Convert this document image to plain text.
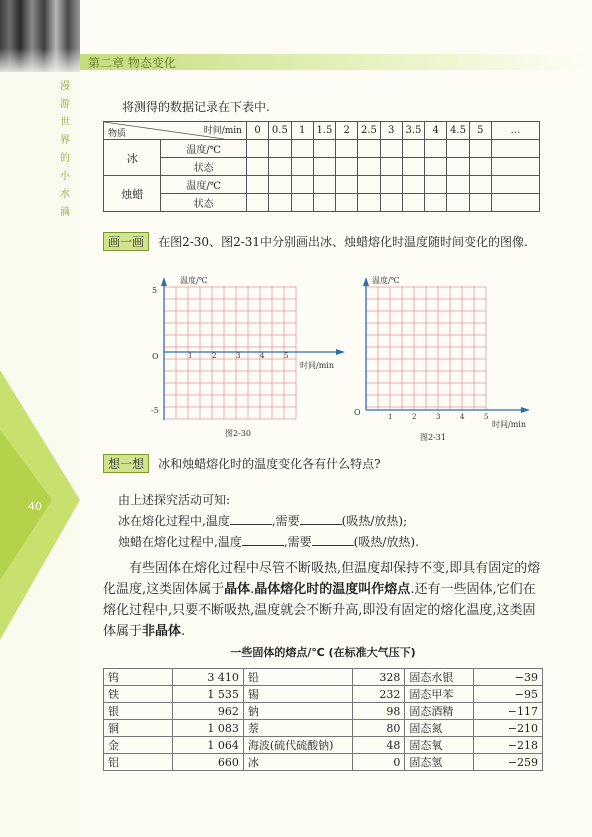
第二章 物态变化
漫
游
世
界
的
小
水
滴
40

将测得的数据记录在下表中.

时间/min
物质		0	0.5	1	1.5	2	2.5	3	3.5	4	4.5	5	…
冰	温度/℃												
	状态												
烛蜡	温度/℃												
	状态												
画一画 在图2-30、图2-31中分别画出冰、烛蜡熔化时温度随时间变化的图像.
温度/℃
时间/min
O
5
-5
1	2	3	4	5
图2-30
温度/℃
时间/min
O	1	2	3	4	5
图2-31
想一想 冰和烛蜡熔化时的温度变化各有什么特点?

由上述探究活动可知:

冰在熔化过程中,温度	,需要	(吸热/放热);

烛蜡在熔化过程中,温度	,需要	(吸热/放热).

有些固体在熔化过程中尽管不断吸热,但温度却保持不变,即具有固定的熔化温度,这类固体属于晶体.晶体熔化时的温度叫作熔点.还有一些固体,它们在熔化过程中,只要不断吸热,温度就会不断升高,即没有固定的熔化温度,这类固体属于非晶体.

一些固体的熔点/℃ (在标准大气压下)
钨	3 410	铅	328	固态水银	−39
铁	1 535	锡	232	固态甲苯	−95
银	962	钠	98	固态酒精	−117
铜	1 083	萘	80	固态氮	−210
金	1 064	海波(硫代硫酸钠)	48	固态氧	−218
铝	660	冰	0	固态氢	−259
